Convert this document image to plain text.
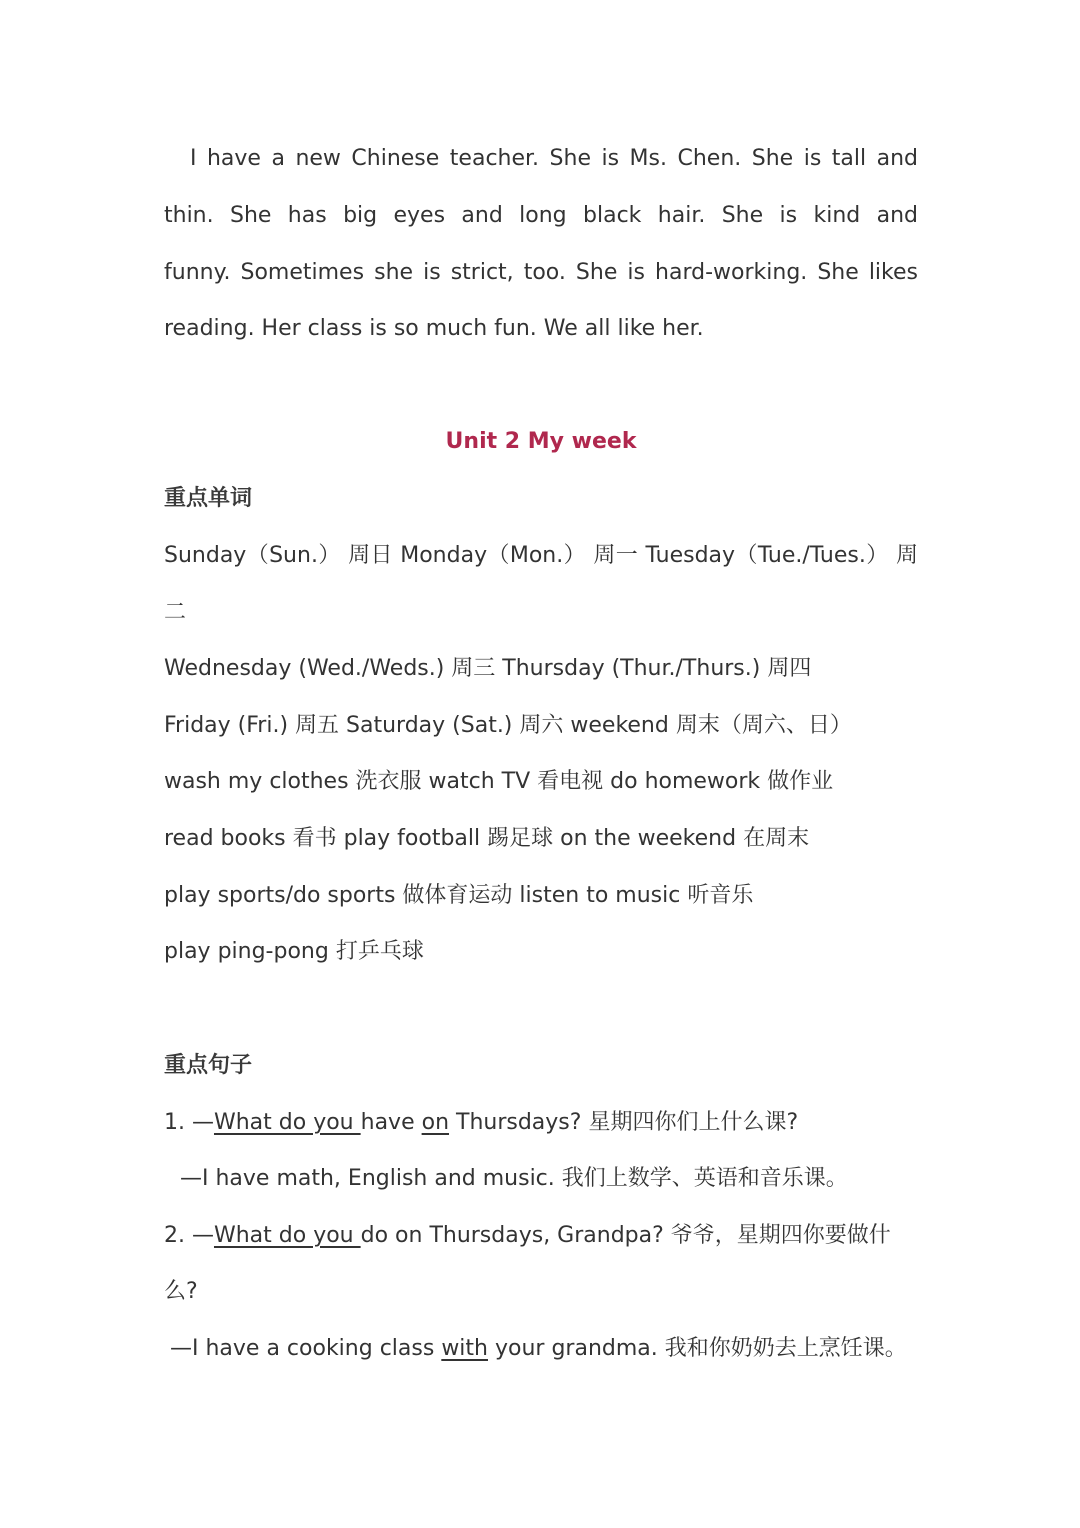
I have a new Chinese teacher. She is Ms. Chen. She is tall and
thin. She has big eyes and long black hair. She is kind and
funny. Sometimes she is strict, too. She is hard-working. She likes
reading. Her class is so much fun. We all like her.
Unit 2 My week
重点单词
Sunday（Sun.） 周日 Monday（Mon.） 周一 Tuesday（Tue./Tues.） 周
二
Wednesday (Wed./Weds.) 周三 Thursday (Thur./Thurs.) 周四
Friday (Fri.) 周五 Saturday (Sat.) 周六 weekend 周末（周六、日）
wash my clothes 洗衣服 watch TV 看电视 do homework 做作业
read books 看书 play football 踢足球 on the weekend 在周末
play sports/do sports 做体育运动 listen to music 听音乐
play ping-pong 打乒乓球
重点句子
1. —What do you have on Thursdays? 星期四你们上什么课?
—I have math, English and music. 我们上数学、英语和音乐课。
2. —What do you do on Thursdays, Grandpa? 爷爷，星期四你要做什
么?
—I have a cooking class with your grandma. 我和你奶奶去上烹饪课。
